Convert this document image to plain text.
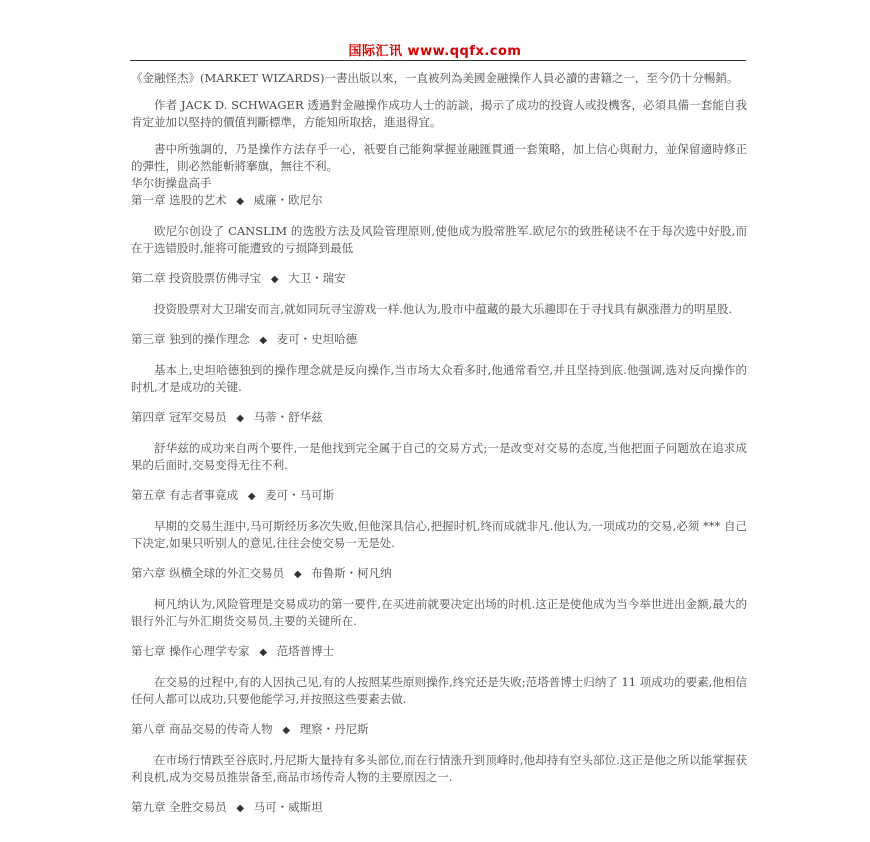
国际汇讯 www.qqfx.com

《金融怪杰》(MARKET WIZARDS)一書出版以來，一直被列為美國金融操作人員必讀的書籍之一，至今仍十分暢銷。

作者 JACK D. SCHWAGER 透過對金融操作成功人士的訪談，揭示了成功的投資人或投機客，必須具備一套能自我肯定並加以堅持的價值判斷標準，方能知所取捨，進退得宜。

書中所強調的，乃是操作方法存乎一心，祇要自己能夠掌握並融匯貫通一套策略，加上信心與耐力，並保留適時修正的彈性，則必然能斬將搴旗，無往不利。

华尔街操盘高手

第一章 选股的艺术 ◆ 威廉・欧尼尔

欧尼尔创设了 CANSLIM 的选股方法及风险管理原则,使他成为股常胜军.欧尼尔的致胜秘诀不在于每次选中好股,而在于选错股时,能将可能遭致的亏损降到最低

第二章 投资股票仿佛寻宝 ◆ 大卫・瑞安

投资股票对大卫瑞安而言,就如同玩寻宝游戏一样.他认为,股市中蕴藏的最大乐趣即在于寻找具有飙涨潜力的明星股.

第三章 独到的操作理念 ◆ 麦可・史坦哈德

基本上,史坦哈德独到的操作理念就是反向操作,当市场大众看多时,他通常看空,并且坚持到底.他强调,选对反向操作的时机,才是成功的关键.

第四章 冠军交易员 ◆ 马蒂・舒华兹

舒华兹的成功来自两个要件,一是他找到完全属于自己的交易方式;一是改变对交易的态度,当他把面子问题放在追求成果的后面时,交易变得无往不利.

第五章 有志者事竟成 ◆ 麦可・马可斯

早期的交易生涯中,马可斯经历多次失败,但他深具信心,把握时机,终而成就非凡.他认为,一项成功的交易,必须 *** 自己下决定,如果只听别人的意见,往往会使交易一无是处.

第六章 纵横全球的外汇交易员 ◆ 布鲁斯・柯凡纳

柯凡纳认为,风险管理是交易成功的第一要件,在买进前就要决定出场的时机.这正是使他成为当今举世进出金额,最大的银行外汇与外汇期货交易员,主要的关键所在.

第七章 操作心理学专家 ◆ 范塔普博士

在交易的过程中,有的人因执己见,有的人按照某些原则操作,终究还是失败;范塔普博士归纳了 11 项成功的要素,他相信任何人都可以成功,只要他能学习,并按照这些要素去做.

第八章 商品交易的传奇人物 ◆ 理察・丹尼斯

在市场行情跌至谷底时,丹尼斯大量持有多头部位,而在行情涨升到顶峰时,他却持有空头部位.这正是他之所以能掌握获利良机,成为交易员推崇备至,商品市场传奇人物的主要原因之一.

第九章 全胜交易员 ◆ 马可・威斯坦
